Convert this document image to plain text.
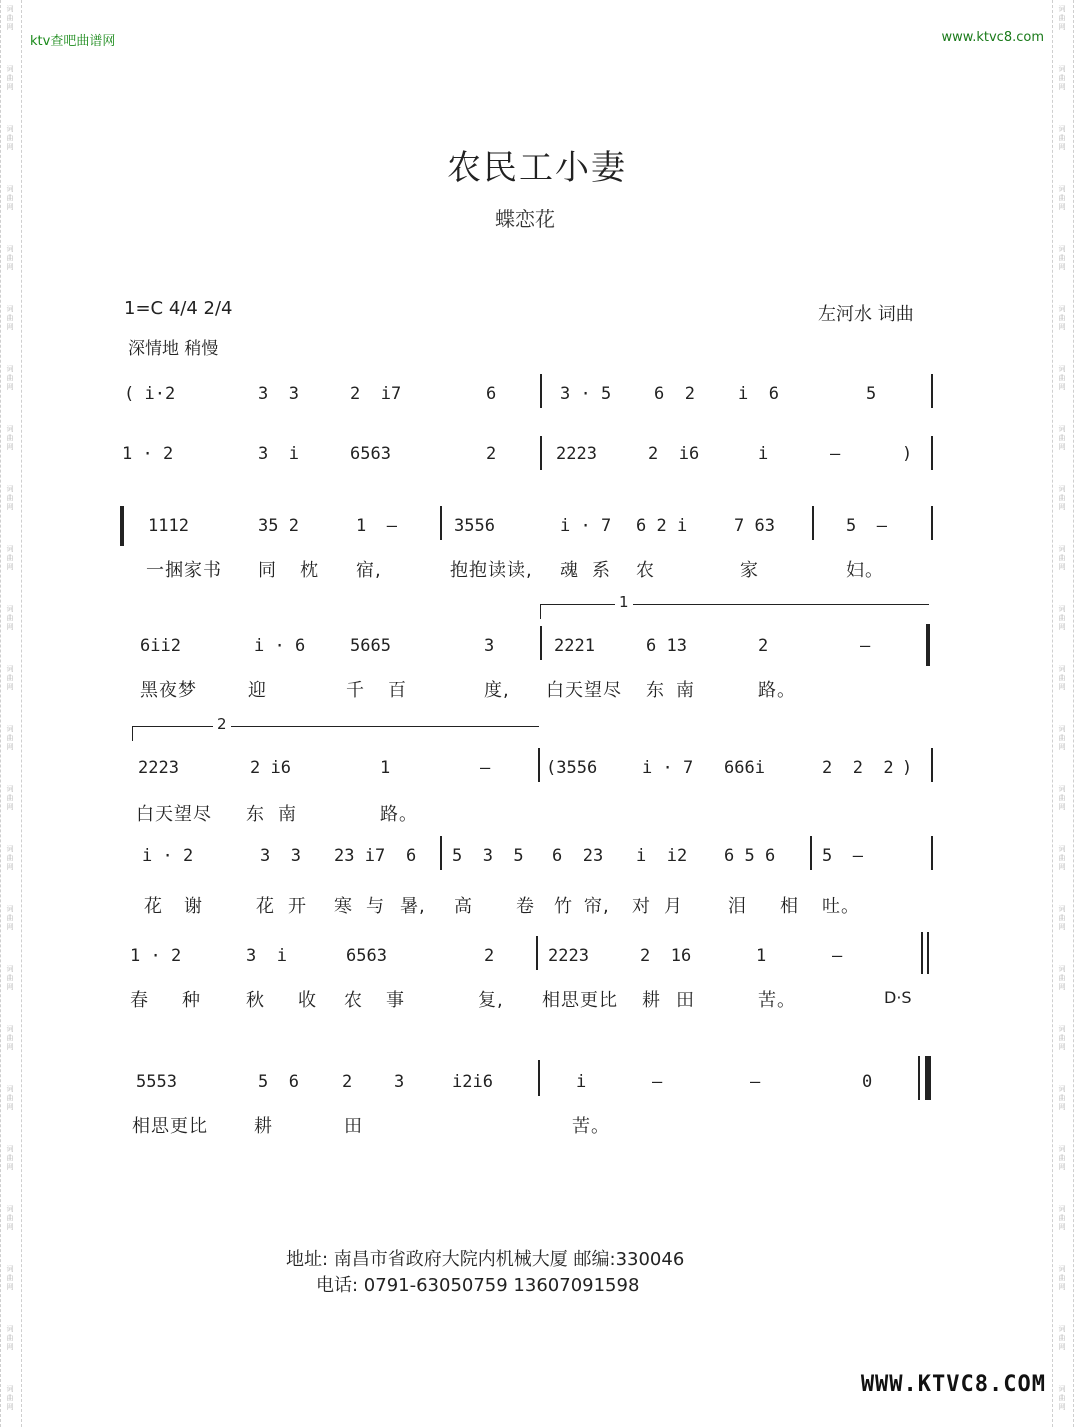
词
曲
网
词
曲
网
词
曲
网
词
曲
网
词
曲
网
词
曲
网
词
曲
网
词
曲
网
词
曲
网
词
曲
网
词
曲
网
词
曲
网
词
曲
网
词
曲
网
词
曲
网
词
曲
网
词
曲
网
词
曲
网
词
曲
网
词
曲
网
词
曲
网
词
曲
网
词
曲
网
词
曲
网
词
曲
网
词
曲
网
词
曲
网
词
曲
网
词
曲
网
词
曲
网
词
曲
网
词
曲
网
词
曲
网
词
曲
网
词
曲
网
词
曲
网
词
曲
网
词
曲
网
词
曲
网
词
曲
网
词
曲
网
词
曲
网
词
曲
网
词
曲
网
词
曲
网
词
曲
网
词
曲
网
词
曲
网
ktv查吧曲谱网	www.ktvc8.com
农民工小妻
蝶恋花
1=C 4/4 2/4
深情地 稍慢
左河水 词曲
( i·2	3  3	2  i7	6	3 · 5	6  2	i  6	5
1 · 2	3  i	6563	2	2223	2  i6	i	—	)
1112	35 2	1  —	3556	i · 7 6 2 i	7 63	5  —
一捆家书 同 枕 宿,	抱抱读读, 魂 系 农	家	妇。
6ii2	i · 6	5665	3	2221	6 13	2	—
黑夜梦	迎	千 百	度, 白天望尽 东 南	路。
1
2
2223	2 i6	1	—	(3556	i · 7 666i	2  2  2 )
白天望尽 东 南	路。
i · 2	3  3 23 i7 6 5  3  5 6  23 i  i2 6 5 6	5  —
花 谢	花 开 寒 与 暑, 高 卷 竹 帘, 对 月	泪 相 吐。
1 · 2	3  i	6563	2	2223	2  16	1	—
春 种	秋 收 农 事	复, 相思更比 耕 田	苦。	D·S
5553	5  6	2 3	i2i6	i	—	—	0
相思更比	耕	田	苦。
地址: 南昌市省政府大院内机械大厦 邮编:330046
电话: 0791-63050759 13607091598
WWW.KTVC8.COM
